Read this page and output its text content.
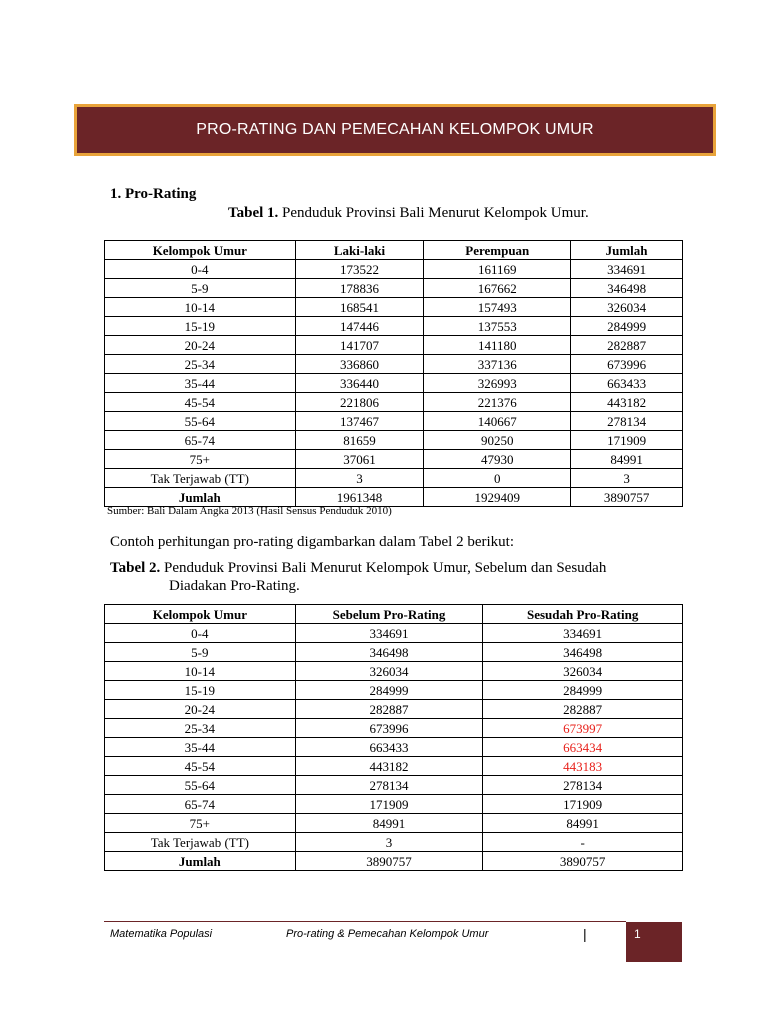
PRO-RATING DAN PEMECAHAN KELOMPOK UMUR
1. Pro-Rating
Tabel 1. Penduduk Provinsi Bali Menurut Kelompok Umur.
Kelompok Umur	Laki-laki	Perempuan	Jumlah
0-4	173522	161169	334691
5-9	178836	167662	346498
10-14	168541	157493	326034
15-19	147446	137553	284999
20-24	141707	141180	282887
25-34	336860	337136	673996
35-44	336440	326993	663433
45-54	221806	221376	443182
55-64	137467	140667	278134
65-74	81659	90250	171909
75+	37061	47930	84991
Tak Terjawab (TT)	3	0	3
Jumlah	1961348	1929409	3890757
Sumber: Bali Dalam Angka 2013 (Hasil Sensus Penduduk 2010)
Contoh perhitungan pro-rating digambarkan dalam Tabel 2 berikut:
Tabel 2. Penduduk Provinsi Bali Menurut Kelompok Umur, Sebelum dan Sesudah
Diadakan Pro-Rating.
Kelompok Umur	Sebelum Pro-Rating	Sesudah Pro-Rating
0-4	334691	334691
5-9	346498	346498
10-14	326034	326034
15-19	284999	284999
20-24	282887	282887
25-34	673996	673997
35-44	663433	663434
45-54	443182	443183
55-64	278134	278134
65-74	171909	171909
75+	84991	84991
Tak Terjawab (TT)	3	-
Jumlah	3890757	3890757
Matematika Populasi	Pro-rating & Pemecahan Kelompok Umur	|	1
